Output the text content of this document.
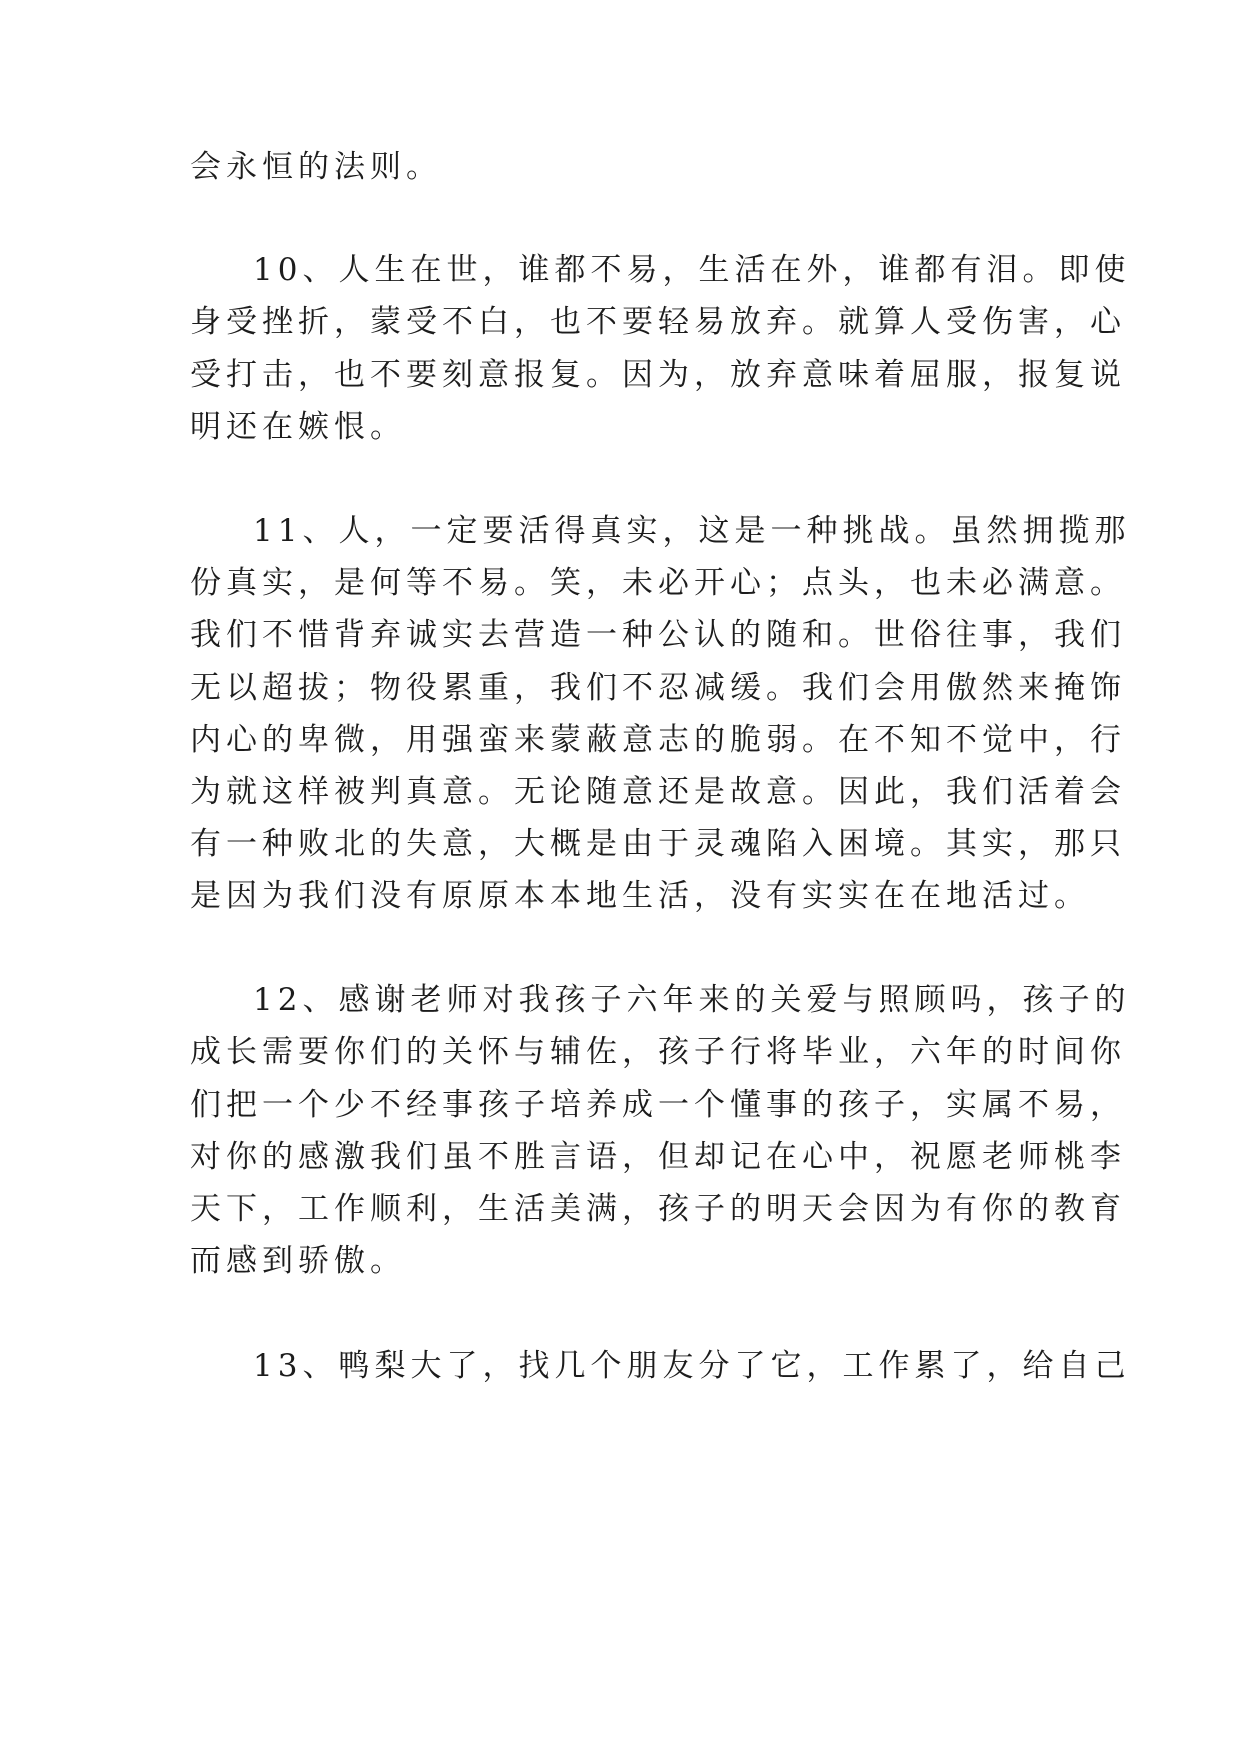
会永恒的法则。
10、人生在世，谁都不易，生活在外，谁都有泪。即使
身受挫折，蒙受不白，也不要轻易放弃。就算人受伤害，心
受打击，也不要刻意报复。因为，放弃意味着屈服，报复说
明还在嫉恨。
11、人，一定要活得真实，这是一种挑战。虽然拥揽那
份真实，是何等不易。笑，未必开心；点头，也未必满意。
我们不惜背弃诚实去营造一种公认的随和。世俗往事，我们
无以超拔；物役累重，我们不忍减缓。我们会用傲然来掩饰
内心的卑微，用强蛮来蒙蔽意志的脆弱。在不知不觉中，行
为就这样被判真意。无论随意还是故意。因此，我们活着会
有一种败北的失意，大概是由于灵魂陷入困境。其实，那只
是因为我们没有原原本本地生活，没有实实在在地活过。
12、感谢老师对我孩子六年来的关爱与照顾吗，孩子的
成长需要你们的关怀与辅佐，孩子行将毕业，六年的时间你
们把一个少不经事孩子培养成一个懂事的孩子，实属不易，
对你的感激我们虽不胜言语，但却记在心中，祝愿老师桃李
天下，工作顺利，生活美满，孩子的明天会因为有你的教育
而感到骄傲。
13、鸭梨大了，找几个朋友分了它，工作累了，给自己
